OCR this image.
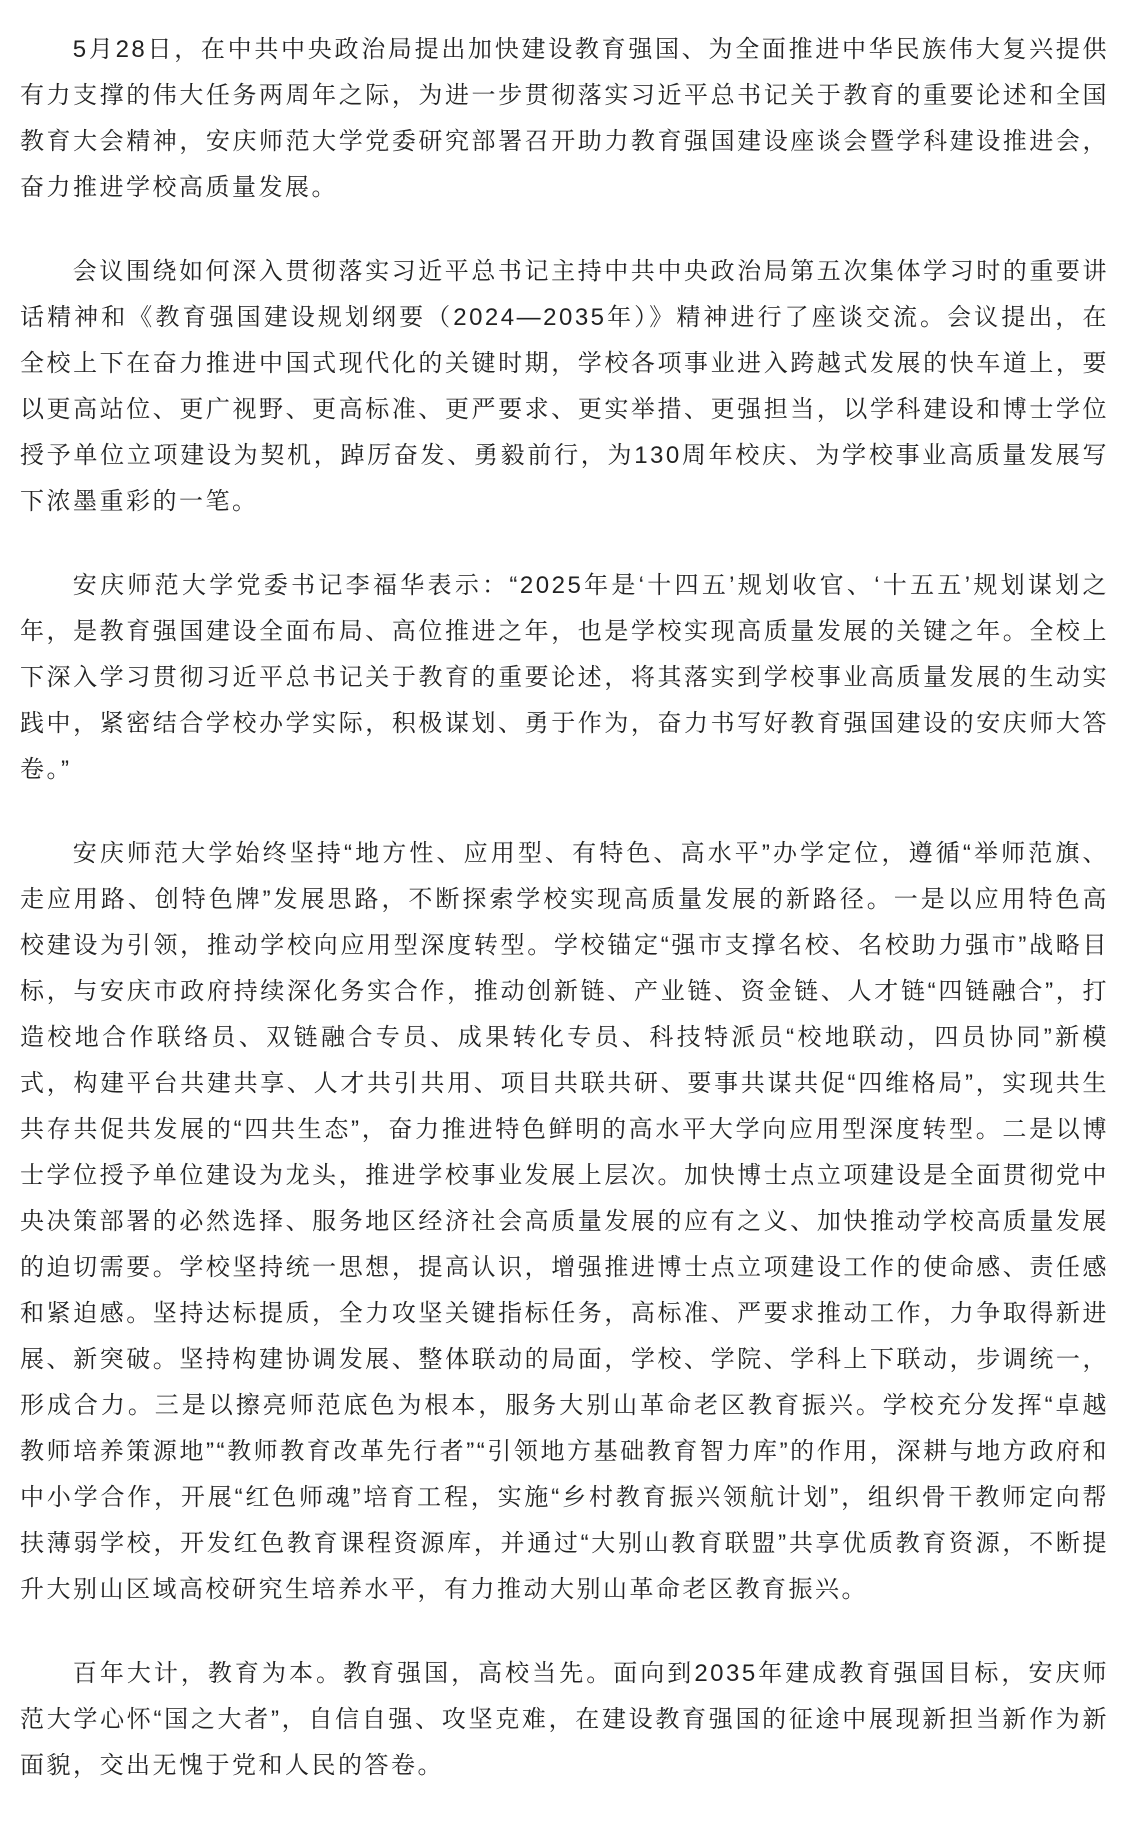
5月28日，在中共中央政治局提出加快建设教育强国、为全面推进中华民族伟大复兴提供有力支撑的伟大任务两周年之际，为进一步贯彻落实习近平总书记关于教育的重要论述和全国教育大会精神，安庆师范大学党委研究部署召开助力教育强国建设座谈会暨学科建设推进会，奋力推进学校高质量发展。

会议围绕如何深入贯彻落实习近平总书记主持中共中央政治局第五次集体学习时的重要讲话精神和《教育强国建设规划纲要（2024—2035年）》精神进行了座谈交流。会议提出，在全校上下在奋力推进中国式现代化的关键时期，学校各项事业进入跨越式发展的快车道上，要以更高站位、更广视野、更高标准、更严要求、更实举措、更强担当，以学科建设和博士学位授予单位立项建设为契机，踔厉奋发、勇毅前行，为130周年校庆、为学校事业高质量发展写下浓墨重彩的一笔。

安庆师范大学党委书记李福华表示：“2025年是‘十四五’规划收官、‘十五五’规划谋划之年，是教育强国建设全面布局、高位推进之年，也是学校实现高质量发展的关键之年。全校上下深入学习贯彻习近平总书记关于教育的重要论述，将其落实到学校事业高质量发展的生动实践中，紧密结合学校办学实际，积极谋划、勇于作为，奋力书写好教育强国建设的安庆师大答卷。”

安庆师范大学始终坚持“地方性、应用型、有特色、高水平”办学定位，遵循“举师范旗、走应用路、创特色牌”发展思路，不断探索学校实现高质量发展的新路径。一是以应用特色高校建设为引领，推动学校向应用型深度转型。学校锚定“强市支撑名校、名校助力强市”战略目标，与安庆市政府持续深化务实合作，推动创新链、产业链、资金链、人才链“四链融合”，打造校地合作联络员、双链融合专员、成果转化专员、科技特派员“校地联动，四员协同”新模式，构建平台共建共享、人才共引共用、项目共联共研、要事共谋共促“四维格局”，实现共生共存共促共发展的“四共生态”，奋力推进特色鲜明的高水平大学向应用型深度转型。二是以博士学位授予单位建设为龙头，推进学校事业发展上层次。加快博士点立项建设是全面贯彻党中央决策部署的必然选择、服务地区经济社会高质量发展的应有之义、加快推动学校高质量发展的迫切需要。学校坚持统一思想，提高认识，增强推进博士点立项建设工作的使命感、责任感和紧迫感。坚持达标提质，全力攻坚关键指标任务，高标准、严要求推动工作，力争取得新进展、新突破。坚持构建协调发展、整体联动的局面，学校、学院、学科上下联动，步调统一，形成合力。三是以擦亮师范底色为根本，服务大别山革命老区教育振兴。学校充分发挥“卓越教师培养策源地”“教师教育改革先行者”“引领地方基础教育智力库”的作用，深耕与地方政府和中小学合作，开展“红色师魂”培育工程，实施“乡村教育振兴领航计划”，组织骨干教师定向帮扶薄弱学校，开发红色教育课程资源库，并通过“大别山教育联盟”共享优质教育资源，不断提升大别山区域高校研究生培养水平，有力推动大别山革命老区教育振兴。

百年大计，教育为本。教育强国，高校当先。面向到2035年建成教育强国目标，安庆师范大学心怀“国之大者”，自信自强、攻坚克难，在建设教育强国的征途中展现新担当新作为新面貌，交出无愧于党和人民的答卷。
